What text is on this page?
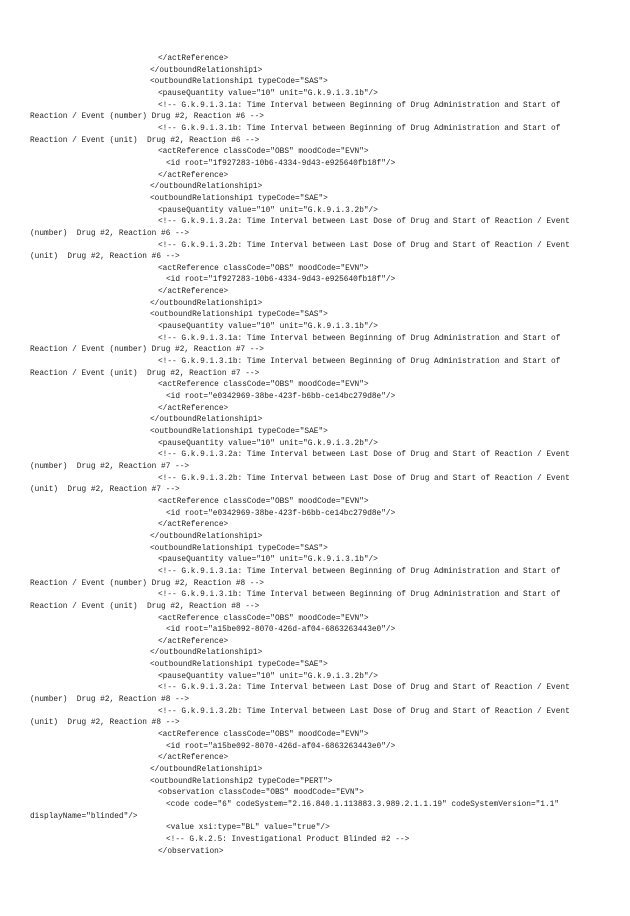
</actReference>
</outboundRelationship1>
<outboundRelationship1 typeCode="SAS">
<pauseQuantity value="10" unit="G.k.9.i.3.1b"/>
<!-- G.k.9.i.3.1a: Time Interval between Beginning of Drug Administration and Start of
Reaction / Event (number) Drug #2, Reaction #6 -->
<!-- G.k.9.i.3.1b: Time Interval between Beginning of Drug Administration and Start of
Reaction / Event (unit)  Drug #2, Reaction #6 -->
<actReference classCode="OBS" moodCode="EVN">
<id root="1f927283-10b6-4334-9d43-e925640fb18f"/>
</actReference>
</outboundRelationship1>
<outboundRelationship1 typeCode="SAE">
<pauseQuantity value="10" unit="G.k.9.i.3.2b"/>
<!-- G.k.9.i.3.2a: Time Interval between Last Dose of Drug and Start of Reaction / Event
(number)  Drug #2, Reaction #6 -->
<!-- G.k.9.i.3.2b: Time Interval between Last Dose of Drug and Start of Reaction / Event
(unit)  Drug #2, Reaction #6 -->
<actReference classCode="OBS" moodCode="EVN">
<id root="1f927283-10b6-4334-9d43-e925640fb18f"/>
</actReference>
</outboundRelationship1>
<outboundRelationship1 typeCode="SAS">
<pauseQuantity value="10" unit="G.k.9.i.3.1b"/>
<!-- G.k.9.i.3.1a: Time Interval between Beginning of Drug Administration and Start of
Reaction / Event (number) Drug #2, Reaction #7 -->
<!-- G.k.9.i.3.1b: Time Interval between Beginning of Drug Administration and Start of
Reaction / Event (unit)  Drug #2, Reaction #7 -->
<actReference classCode="OBS" moodCode="EVN">
<id root="e0342969-38be-423f-b6bb-ce14bc279d8e"/>
</actReference>
</outboundRelationship1>
<outboundRelationship1 typeCode="SAE">
<pauseQuantity value="10" unit="G.k.9.i.3.2b"/>
<!-- G.k.9.i.3.2a: Time Interval between Last Dose of Drug and Start of Reaction / Event
(number)  Drug #2, Reaction #7 -->
<!-- G.k.9.i.3.2b: Time Interval between Last Dose of Drug and Start of Reaction / Event
(unit)  Drug #2, Reaction #7 -->
<actReference classCode="OBS" moodCode="EVN">
<id root="e0342969-38be-423f-b6bb-ce14bc279d8e"/>
</actReference>
</outboundRelationship1>
<outboundRelationship1 typeCode="SAS">
<pauseQuantity value="10" unit="G.k.9.i.3.1b"/>
<!-- G.k.9.i.3.1a: Time Interval between Beginning of Drug Administration and Start of
Reaction / Event (number) Drug #2, Reaction #8 -->
<!-- G.k.9.i.3.1b: Time Interval between Beginning of Drug Administration and Start of
Reaction / Event (unit)  Drug #2, Reaction #8 -->
<actReference classCode="OBS" moodCode="EVN">
<id root="a15be092-8070-426d-af04-6863263443e0"/>
</actReference>
</outboundRelationship1>
<outboundRelationship1 typeCode="SAE">
<pauseQuantity value="10" unit="G.k.9.i.3.2b"/>
<!-- G.k.9.i.3.2a: Time Interval between Last Dose of Drug and Start of Reaction / Event
(number)  Drug #2, Reaction #8 -->
<!-- G.k.9.i.3.2b: Time Interval between Last Dose of Drug and Start of Reaction / Event
(unit)  Drug #2, Reaction #8 -->
<actReference classCode="OBS" moodCode="EVN">
<id root="a15be092-8070-426d-af04-6863263443e0"/>
</actReference>
</outboundRelationship1>
<outboundRelationship2 typeCode="PERT">
<observation classCode="OBS" moodCode="EVN">
<code code="6" codeSystem="2.16.840.1.113883.3.989.2.1.1.19" codeSystemVersion="1.1"
displayName="blinded"/>
<value xsi:type="BL" value="true"/>
<!-- G.k.2.5: Investigational Product Blinded #2 -->
</observation>
